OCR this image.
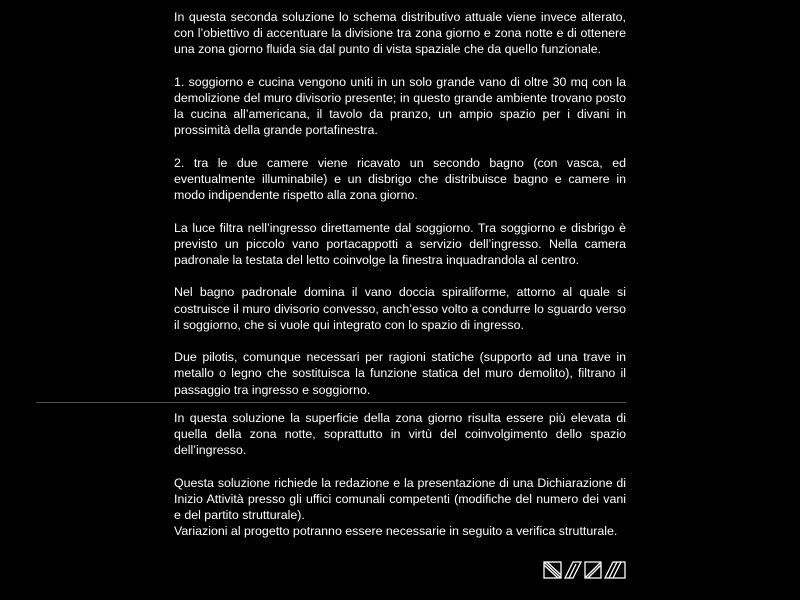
In questa seconda soluzione lo schema distributivo attuale viene invece alterato, con l’obiettivo di accentuare la divisione tra zona giorno e zona notte e di ottenere una zona giorno fluida sia dal punto di vista spaziale che da quello funzionale.

1. soggiorno e cucina vengono uniti in un solo grande vano di oltre 30 mq con la demolizione del muro divisorio presente; in questo grande ambiente trovano posto la cucina all’americana, il tavolo da pranzo, un ampio spazio per i divani in prossimità della grande portafinestra.

2. tra le due camere viene ricavato un secondo bagno (con vasca, ed eventualmente illuminabile) e un disbrigo che distribuisce bagno e camere in modo indipendente rispetto alla zona giorno.

La luce filtra nell’ingresso direttamente dal soggiorno. Tra soggiorno e disbrigo è previsto un piccolo vano portacappotti a servizio dell’ingresso. Nella camera padronale la testata del letto coinvolge la finestra inquadrandola al centro.

Nel bagno padronale domina il vano doccia spiraliforme, attorno al quale si costruisce il muro divisorio convesso, anch’esso volto a condurre lo sguardo verso il soggiorno, che si vuole qui integrato con lo spazio di ingresso.

Due pilotis, comunque necessari per ragioni statiche (supporto ad una trave in metallo o legno che sostituisca la funzione statica del muro demolito), filtrano il passaggio tra ingresso e soggiorno.

In questa soluzione la superficie della zona giorno risulta essere più elevata di quella della zona notte, soprattutto in virtù del coinvolgimento dello spazio dell’ingresso.

Questa soluzione richiede la redazione e la presentazione di una Dichiarazione di Inizio Attività presso gli uffici comunali competenti (modifiche del numero dei vani e del partito strutturale).

Variazioni al progetto potranno essere necessarie in seguito a verifica strutturale.
